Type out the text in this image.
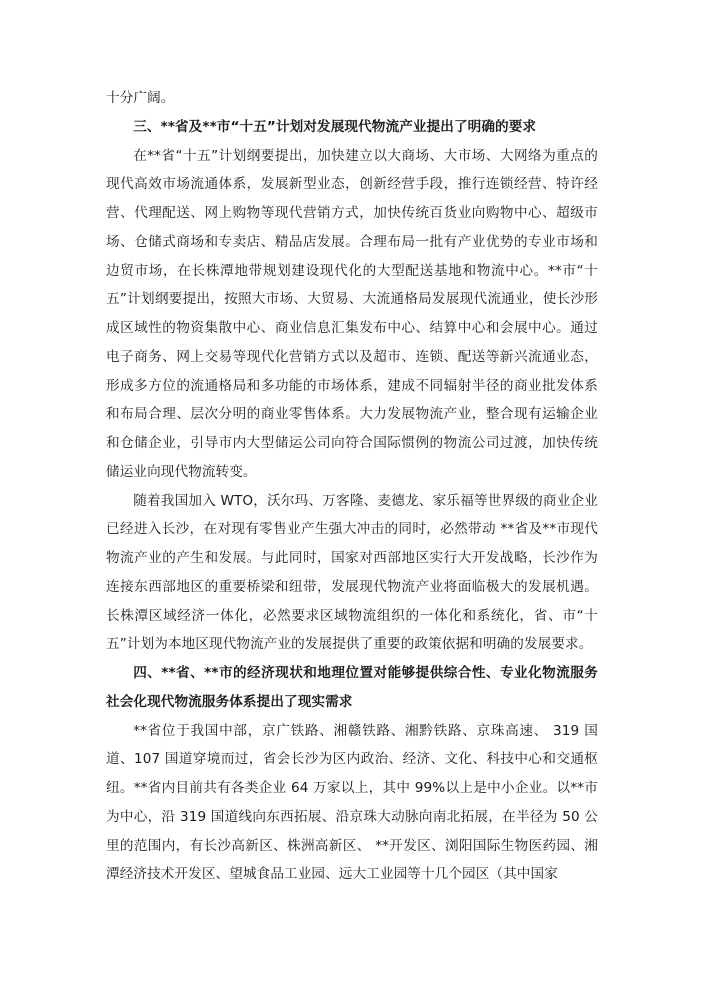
十分广阔。

三、**省及**市“十五”计划对发展现代物流产业提出了明确的要求

在**省“十五”计划纲要提出，加快建立以大商场、大市场、大网络为重点的现代高效市场流通体系，发展新型业态，创新经营手段，推行连锁经营、特许经营、代理配送、网上购物等现代营销方式，加快传统百货业向购物中心、超级市场、仓储式商场和专卖店、精品店发展。合理布局一批有产业优势的专业市场和边贸市场，在长株潭地带规划建设现代化的大型配送基地和物流中心。**市“十五”计划纲要提出，按照大市场、大贸易、大流通格局发展现代流通业，使长沙形成区域性的物资集散中心、商业信息汇集发布中心、结算中心和会展中心。通过电子商务、网上交易等现代化营销方式以及超市、连锁、配送等新兴流通业态，形成多方位的流通格局和多功能的市场体系，建成不同辐射半径的商业批发体系和布局合理、层次分明的商业零售体系。大力发展物流产业，整合现有运输企业和仓储企业，引导市内大型储运公司向符合国际惯例的物流公司过渡，加快传统储运业向现代物流转变。

随着我国加入 WTO，沃尔玛、万客隆、麦德龙、家乐福等世界级的商业企业已经进入长沙，在对现有零售业产生强大冲击的同时，必然带动 **省及**市现代物流产业的产生和发展。与此同时，国家对西部地区实行大开发战略，长沙作为连接东西部地区的重要桥梁和纽带，发展现代物流产业将面临极大的发展机遇。长株潭区域经济一体化，必然要求区域物流组织的一体化和系统化，省、市“十五”计划为本地区现代物流产业的发展提供了重要的政策依据和明确的发展要求。

四、**省、**市的经济现状和地理位置对能够提供综合性、专业化物流服务社会化现代物流服务体系提出了现实需求

**省位于我国中部，京广铁路、湘赣铁路、湘黔铁路、京珠高速、 319 国道、107 国道穿境而过，省会长沙为区内政治、经济、文化、科技中心和交通枢纽。**省内目前共有各类企业 64 万家以上，其中 99%以上是中小企业。以**市为中心，沿 319 国道线向东西拓展、沿京珠大动脉向南北拓展，在半径为 50 公里的范围内，有长沙高新区、株洲高新区、 **开发区、浏阳国际生物医药园、湘潭经济技术开发区、望城食品工业园、远大工业园等十几个园区（其中国家
